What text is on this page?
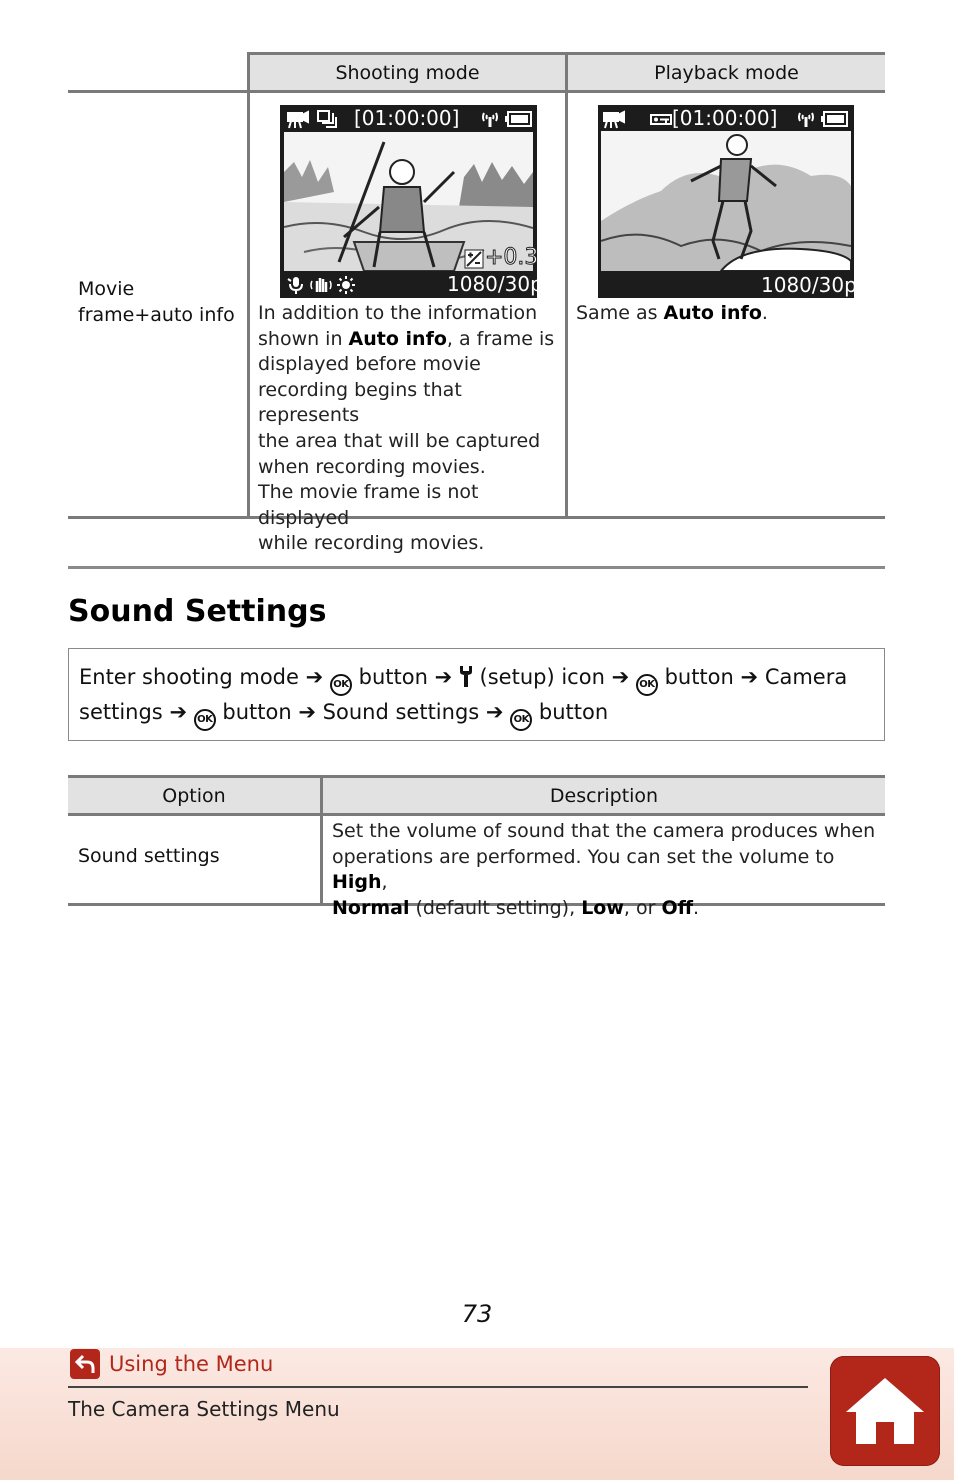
Shooting mode	Playback mode
Movie
frame+auto info
[01:00:00]
+0.3
1080/30p
[01:00:00]
1080/30p
In addition to the information
shown in Auto info, a frame is
displayed before movie
recording begins that represents
the area that will be captured
when recording movies.
The movie frame is not displayed
while recording movies.
Same as Auto info.
Sound Settings
Enter shooting mode ➔ OK button ➔ (setup) icon ➔ OK button ➔ Camera
settings ➔ OK button ➔ Sound settings ➔ OK button
Option	Description
Sound settings
Set the volume of sound that the camera produces when
operations are performed. You can set the volume to High,
Normal (default setting), Low, or Off.
73
Using the Menu
The Camera Settings Menu
